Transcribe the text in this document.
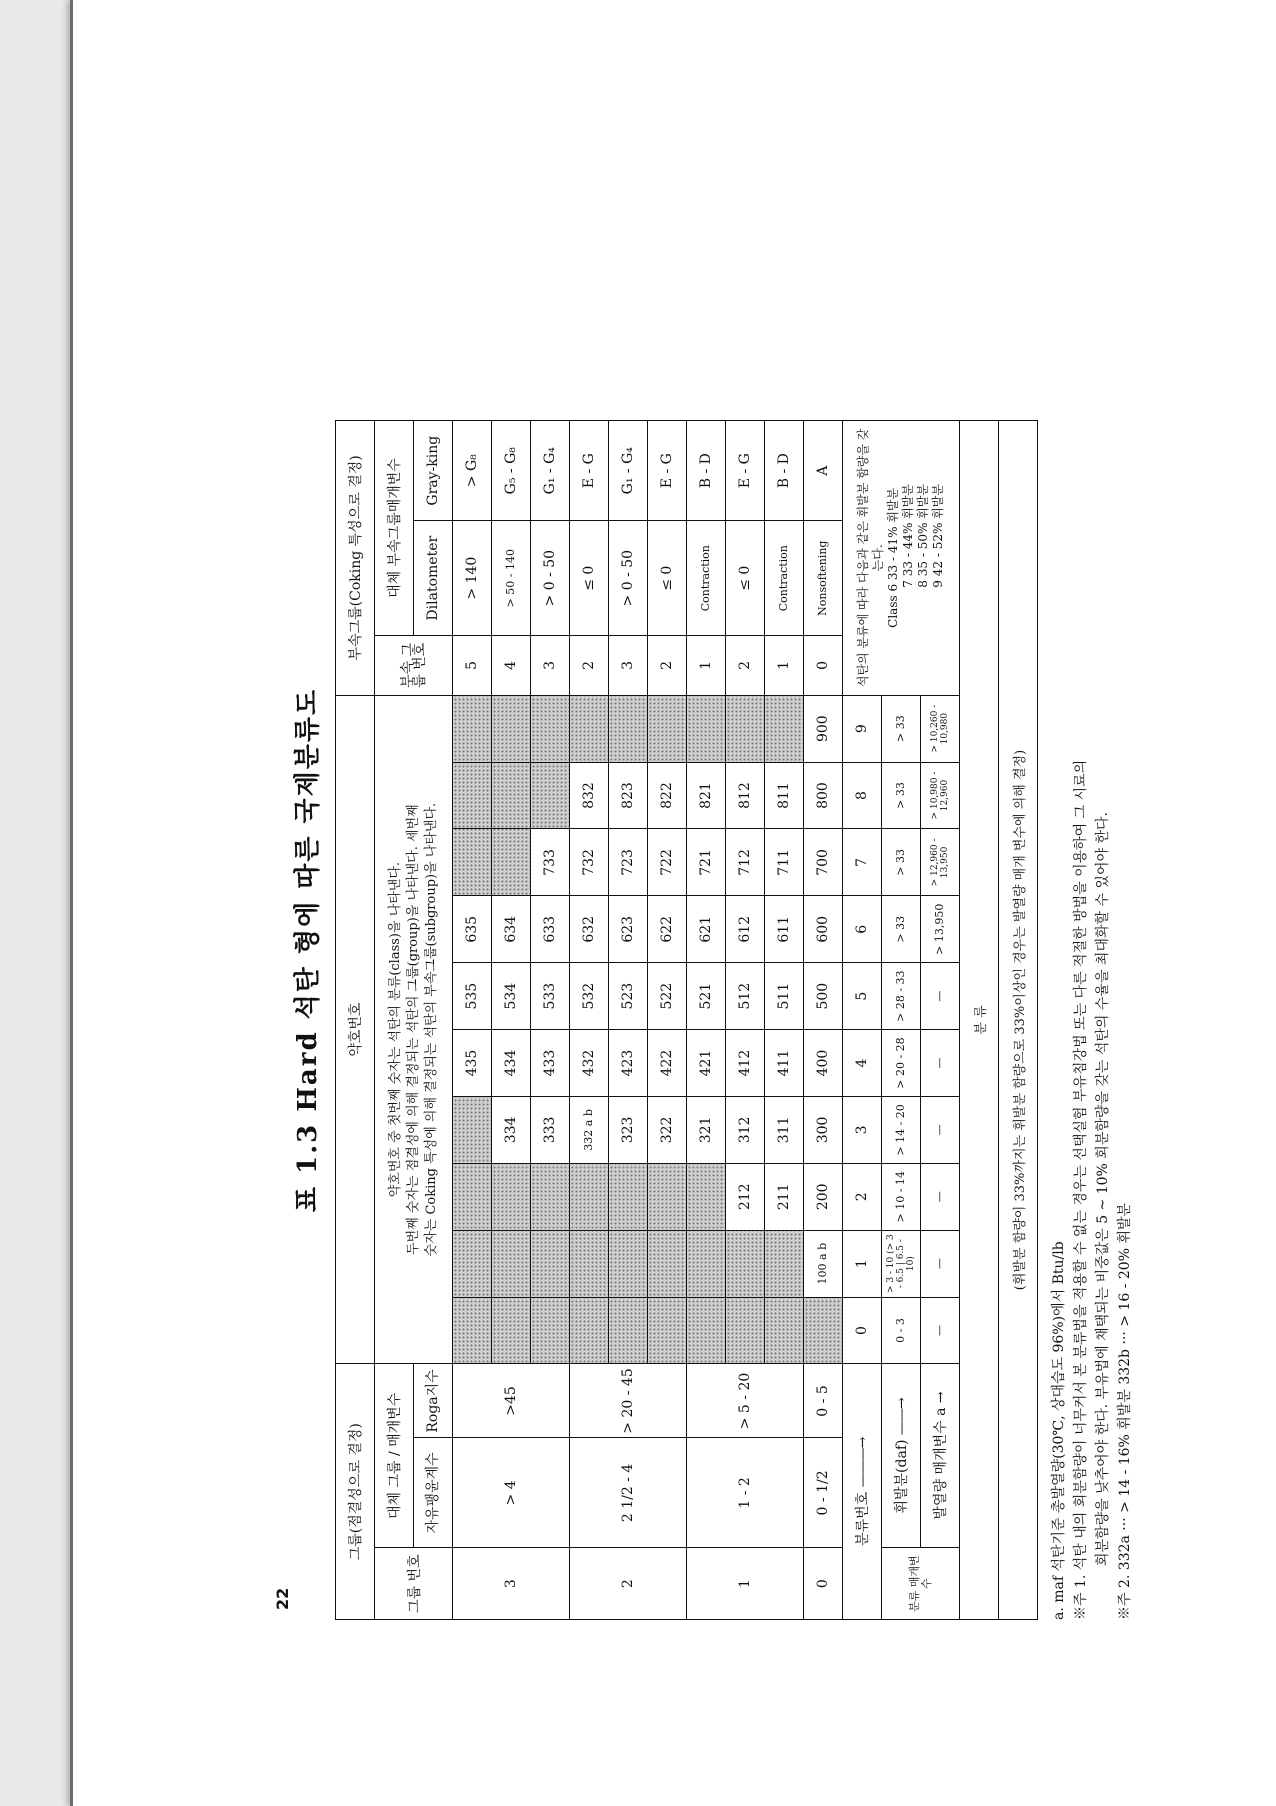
22
표 1.3 Hard 석탄 형에 따른 국제분류도
그룹(점결성으로 결정)			약호번호										부속그룹(Coking 특성으로 결정)		
그룹 번호	대체 그룹 / 매개변수		약호번호 중 첫번째 숫자는 석탄의 분류(class)을 나타낸다. 두번째 숫자는 점결성에 의해 결정되는 석탄의 그룹(group)을 나타낸다. 세번째 숫자는 Coking 특성에 의해 결정되는 석탄의 부속그룹(subgroup)을 나타낸다.										부속 그룹 번호	대체 부속그룹매개변수	
	자유팽윤계수	Roga지수												Dilatometer	Gray-king
3	> 4	>45					435	535	635				5	> 140	> G₈
						334	434	534	634				4	> 50 - 140	G₅ - G₈
						333	433	533	633	733			3	> 0 - 50	G₁ - G₄
2	2 1/2 - 4	> 20 - 45				332 a b	432	532	632	732	832		2	≤ 0	E - G
						323	423	523	623	723	823		3	> 0 - 50	G₁ - G₄
						322	422	522	622	722	822		2	≤ 0	E - G
1	1 - 2	> 5 - 20				321	421	521	621	721	821		1	Contraction	B - D
					212	312	412	512	612	712	812		2	≤ 0	E - G
					211	311	411	511	611	711	811		1	Contraction	B - D
0	0 - 1/2	0 - 5		100 a b	200	300	400	500	600	700	800	900	0	Nonsoftening	A
분류번호 ———→			0	1	2	3	4	5	6	7	8	9	석탄의 분류에 따라 다음과 같은 휘발분 함량을 갖는다. Class 6 33 - 41% 휘발분 7 33 - 44% 휘발분 8 35 - 50% 휘발분 9 42 - 52% 휘발분		

분류 매개변수	휘발분(daf) ——→		0 - 3	> 3 - 10 (> 3 - 6.5 | 6.5 - 10)	> 10 - 14	> 14 - 20	> 20 - 28	> 28 - 33	> 33	> 33	> 33	> 33			
	발열량 매개변수 a →		—	—	—	—	—	—	> 13,950	> 12,960 - 13,950	> 10,980 - 12,960	> 10,260 - 10,980			
분 류															
(휘발분 함량이 33%까지는 휘발분 함량으로 33%이상인 경우는 발열량 매개 변수에 의해 결정)															
a. maf 석탄기준 총발열량(30℃, 상대습도 96%)에서 Btu/lb ※주 1. 석탄 내의 회분함량이 너무커서 본 분류법을 적용할 수 없는 경우는 선택실험 부유침강법 또는 다른 적절한 방법을 이용하여 그 시료의 회분함량을 낮추어야 한다. 부유법에 채택되는 비중값은 5 ~ 10% 회분함량을 갖는 석탄의 수율을 최대화할 수 있어야 한다. ※주 2. 332a ··· > 14 - 16% 휘발분 332b ··· > 16 - 20% 휘발분
